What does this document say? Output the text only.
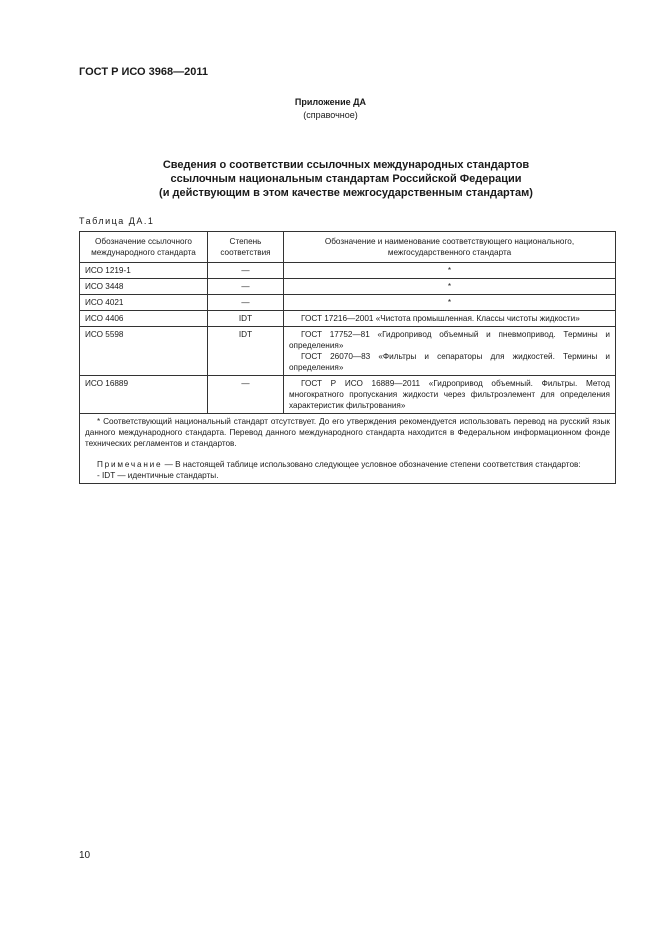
ГОСТ Р ИСО 3968—2011
Приложение ДА
(справочное)
Сведения о соответствии ссылочных международных стандартов
ссылочным национальным стандартам Российской Федерации
(и действующим в этом качестве межгосударственным стандартам)
Таблица ДА.1
Обозначение ссылочного международного стандарта	Степень соответствия	Обозначение и наименование соответствующего национального, межгосударственного стандарта
ИСО 1219-1	—	*
ИСО 3448	—	*
ИСО 4021	—	*
ИСО 4406	IDT	ГОСТ 17216—2001 «Чистота промышленная. Классы чистоты жидкости»

ИСО 5598	IDT	ГОСТ 17752—81 «Гидропривод объемный и пневмопривод. Термины и определения»

ГОСТ 26070—83 «Фильтры и сепараторы для жидкостей. Термины и определения»

ИСО 16889	—	ГОСТ Р ИСО 16889—2011 «Гидропривод объемный. Фильтры. Метод многократного пропускания жидкости через фильтроэлемент для определения характеристик фильтрования»

* Соответствующий национальный стандарт отсутствует. До его утверждения рекомендуется использовать перевод на русский язык данного международного стандарта. Перевод данного международного стандарта находится в Федеральном информационном фонде технических регламентов и стандартов.

Примечание — В настоящей таблице использовано следующее условное обозначение степени соответствия стандартов:

- IDT — идентичные стандарты.		

10
